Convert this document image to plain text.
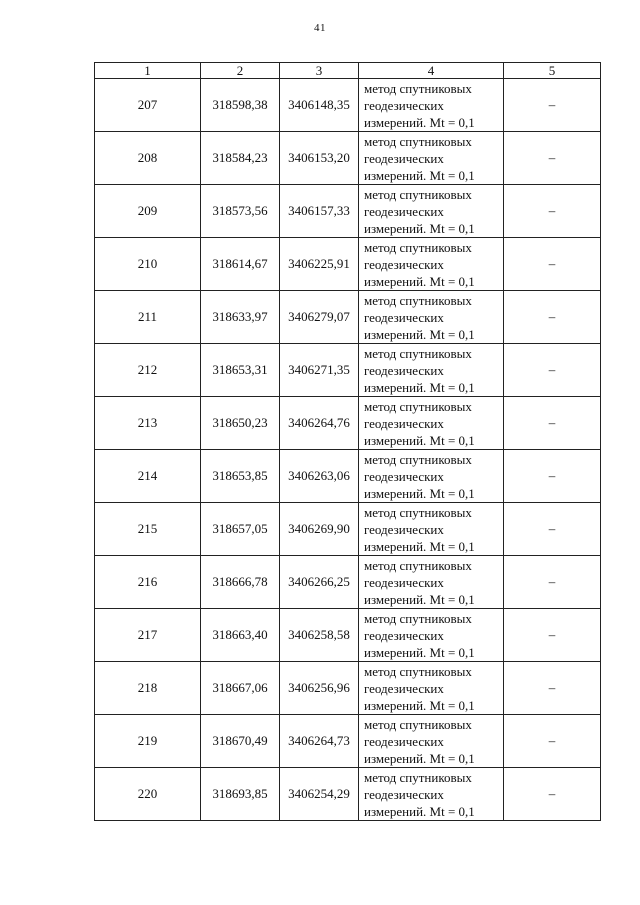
41
1	2	3	4	5
207	318598,38	3406148,35	метод спутниковых
геодезических
измерений. Mt = 0,1	–
208	318584,23	3406153,20	метод спутниковых
геодезических
измерений. Mt = 0,1	–
209	318573,56	3406157,33	метод спутниковых
геодезических
измерений. Mt = 0,1	–
210	318614,67	3406225,91	метод спутниковых
геодезических
измерений. Mt = 0,1	–
211	318633,97	3406279,07	метод спутниковых
геодезических
измерений. Mt = 0,1	–
212	318653,31	3406271,35	метод спутниковых
геодезических
измерений. Mt = 0,1	–
213	318650,23	3406264,76	метод спутниковых
геодезических
измерений. Mt = 0,1	–
214	318653,85	3406263,06	метод спутниковых
геодезических
измерений. Mt = 0,1	–
215	318657,05	3406269,90	метод спутниковых
геодезических
измерений. Mt = 0,1	–
216	318666,78	3406266,25	метод спутниковых
геодезических
измерений. Mt = 0,1	–
217	318663,40	3406258,58	метод спутниковых
геодезических
измерений. Mt = 0,1	–
218	318667,06	3406256,96	метод спутниковых
геодезических
измерений. Mt = 0,1	–
219	318670,49	3406264,73	метод спутниковых
геодезических
измерений. Mt = 0,1	–
220	318693,85	3406254,29	метод спутниковых
геодезических
измерений. Mt = 0,1	–
